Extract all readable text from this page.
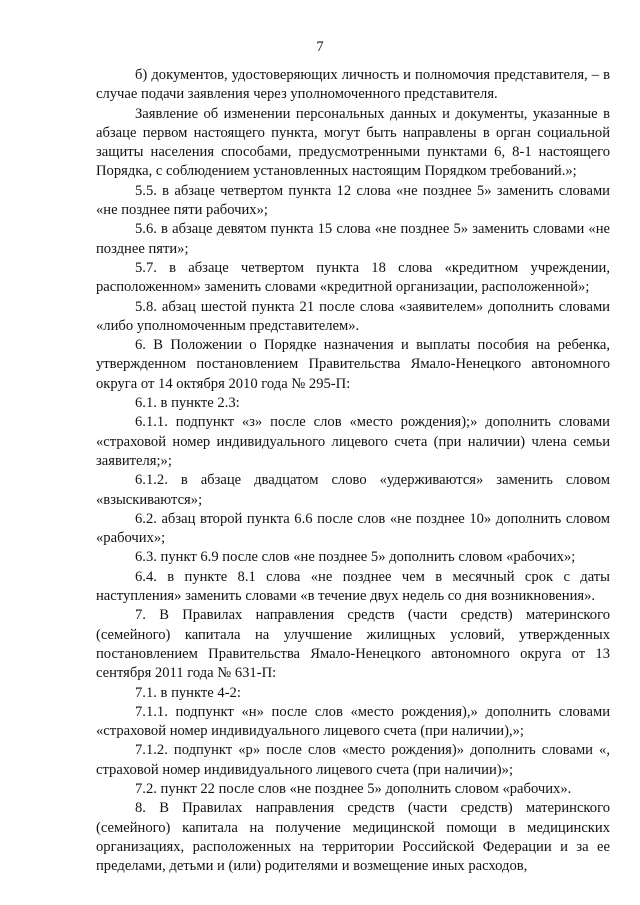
7

б) документов, удостоверяющих личность и полномочия представителя, – в случае подачи заявления через уполномоченного представителя.

Заявление об изменении персональных данных и документы, указанные в абзаце первом настоящего пункта, могут быть направлены в орган социальной защиты населения способами, предусмотренными пунктами 6, 8-1 настоящего Порядка, с соблюдением установленных настоящим Порядком требований.»;

5.5. в абзаце четвертом пункта 12 слова «не позднее 5» заменить словами «не позднее пяти рабочих»;

5.6. в абзаце девятом пункта 15 слова «не позднее 5» заменить словами «не позднее пяти»;

5.7. в абзаце четвертом пункта 18 слова «кредитном учреждении, расположенном» заменить словами «кредитной организации, расположенной»;

5.8. абзац шестой пункта 21 после слова «заявителем» дополнить словами «либо уполномоченным представителем».

6. В Положении о Порядке назначения и выплаты пособия на ребенка, утвержденном постановлением Правительства Ямало-Ненецкого автономного округа от 14 октября 2010 года № 295-П:

6.1. в пункте 2.3:

6.1.1. подпункт «з» после слов «место рождения);» дополнить словами «страховой номер индивидуального лицевого счета (при наличии) члена семьи заявителя;»;

6.1.2. в абзаце двадцатом слово «удерживаются» заменить словом «взыскиваются»;

6.2. абзац второй пункта 6.6 после слов «не позднее 10» дополнить словом «рабочих»;

6.3. пункт 6.9 после слов «не позднее 5» дополнить словом «рабочих»;

6.4. в пункте 8.1 слова «не позднее чем в месячный срок с даты наступления» заменить словами «в течение двух недель со дня возникновения».

7. В Правилах направления средств (части средств) материнского (семейного) капитала на улучшение жилищных условий, утвержденных постановлением Правительства Ямало-Ненецкого автономного округа от 13 сентября 2011 года № 631-П:

7.1. в пункте 4-2:

7.1.1. подпункт «н» после слов «место рождения),» дополнить словами «страховой номер индивидуального лицевого счета (при наличии),»;

7.1.2. подпункт «р» после слов «место рождения)» дополнить словами «, страховой номер индивидуального лицевого счета (при наличии)»;

7.2. пункт 22 после слов «не позднее 5» дополнить словом «рабочих».

8. В Правилах направления средств (части средств) материнского (семейного) капитала на получение медицинской помощи в медицинских организациях, расположенных на территории Российской Федерации и за ее пределами, детьми и (или) родителями и возмещение иных расходов,
